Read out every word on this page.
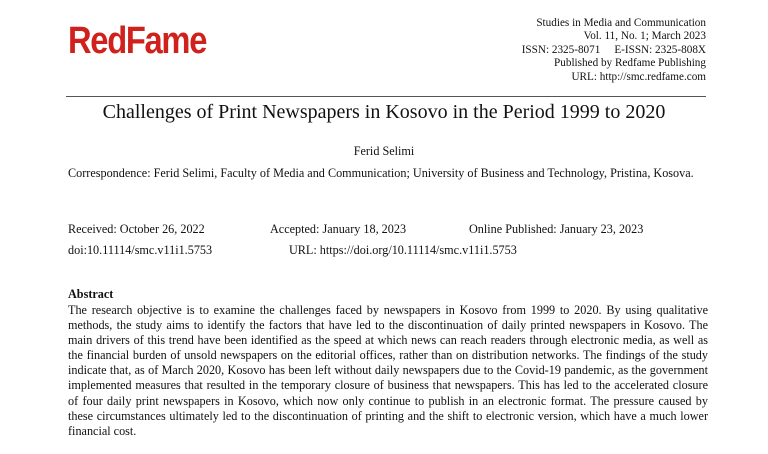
RedFame	Studies in Media and Communication
Vol. 11, No. 1; March 2023
ISSN: 2325-8071     E-ISSN: 2325-808X
Published by Redfame Publishing
URL: http://smc.redfame.com
Challenges of Print Newspapers in Kosovo in the Period 1999 to 2020
Ferid Selimi
Correspondence: Ferid Selimi, Faculty of Media and Communication; University of Business and Technology, Pristina, Kosova.
Received: October 26, 2022	Accepted: January 18, 2023	Online Published: January 23, 2023
doi:10.11114/smc.v11i1.5753	URL: https://doi.org/10.11114/smc.v11i1.5753
Abstract
The research objective is to examine the challenges faced by newspapers in Kosovo from 1999 to 2020. By using qualitative methods, the study aims to identify the factors that have led to the discontinuation of daily printed newspapers in Kosovo. The main drivers of this trend have been identified as the speed at which news can reach readers through electronic media, as well as the financial burden of unsold newspapers on the editorial offices, rather than on distribution networks. The findings of the study indicate that, as of March 2020, Kosovo has been left without daily newspapers due to the Covid-19 pandemic, as the government implemented measures that resulted in the temporary closure of business that newspapers. This has led to the accelerated closure of four daily print newspapers in Kosovo, which now only continue to publish in an electronic format. The pressure caused by these circumstances ultimately led to the discontinuation of printing and the shift to electronic version, which have a much lower financial cost.
